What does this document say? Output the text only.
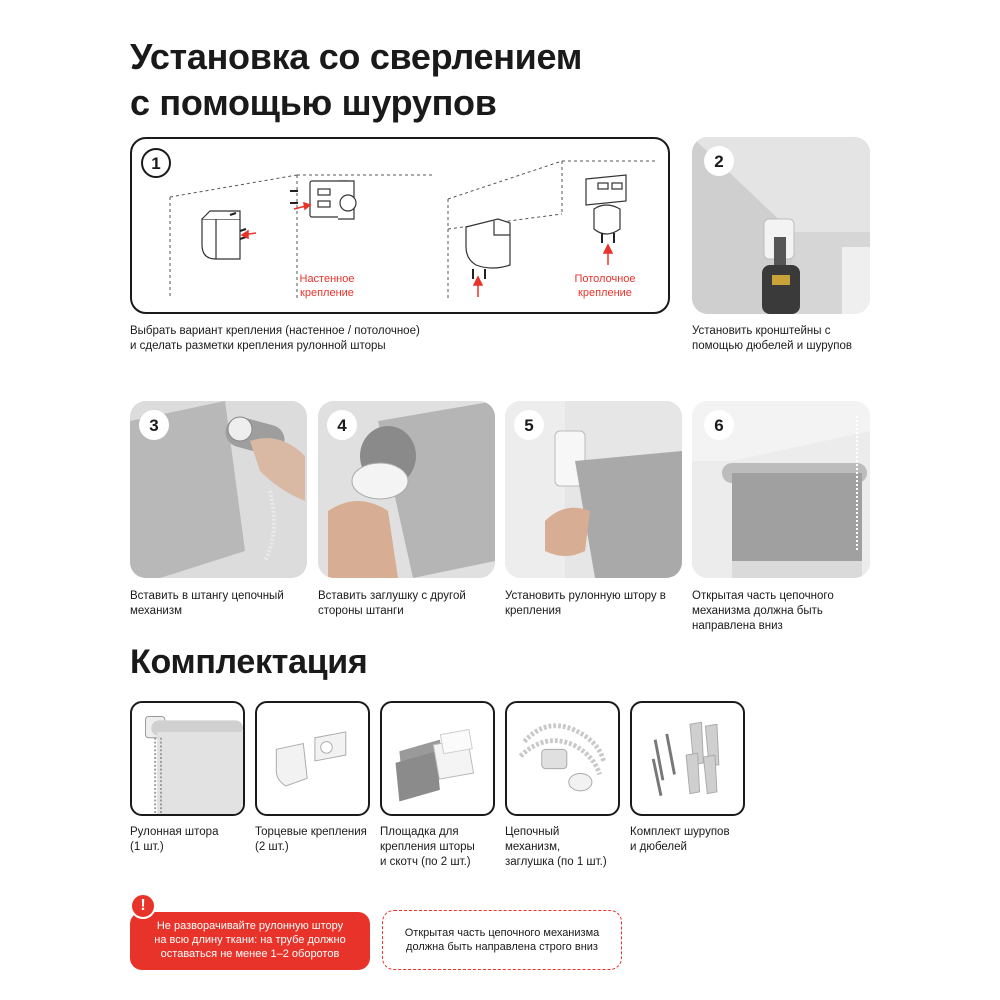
Установка со сверлением
с помощью шурупов
1
Настенное крепление
Потолочное крепление
Выбрать вариант крепления (настенное / потолочное)
и сделать разметки крепления рулонной шторы
2
Установить кронштейны с
помощью дюбелей и шурупов
3
Вставить в штангу цепочный
механизм
4
Вставить заглушку с другой
стороны штанги
5
Установить рулонную штору в
крепления
6
Открытая часть цепочного
механизма должна быть
направлена вниз
Комплектация
Рулонная штора
(1 шт.)
Торцевые крепления
(2 шт.)
Площадка для
крепления шторы
и скотч (по 2 шт.)
Цепочный
механизм,
заглушка (по 1 шт.)
Комплект шурупов
и дюбелей
Не разворачивайте рулонную штору
на всю длину ткани: на трубе должно
оставаться не менее 1–2 оборотов
!
Открытая часть цепочного механизма
должна быть направлена строго вниз
